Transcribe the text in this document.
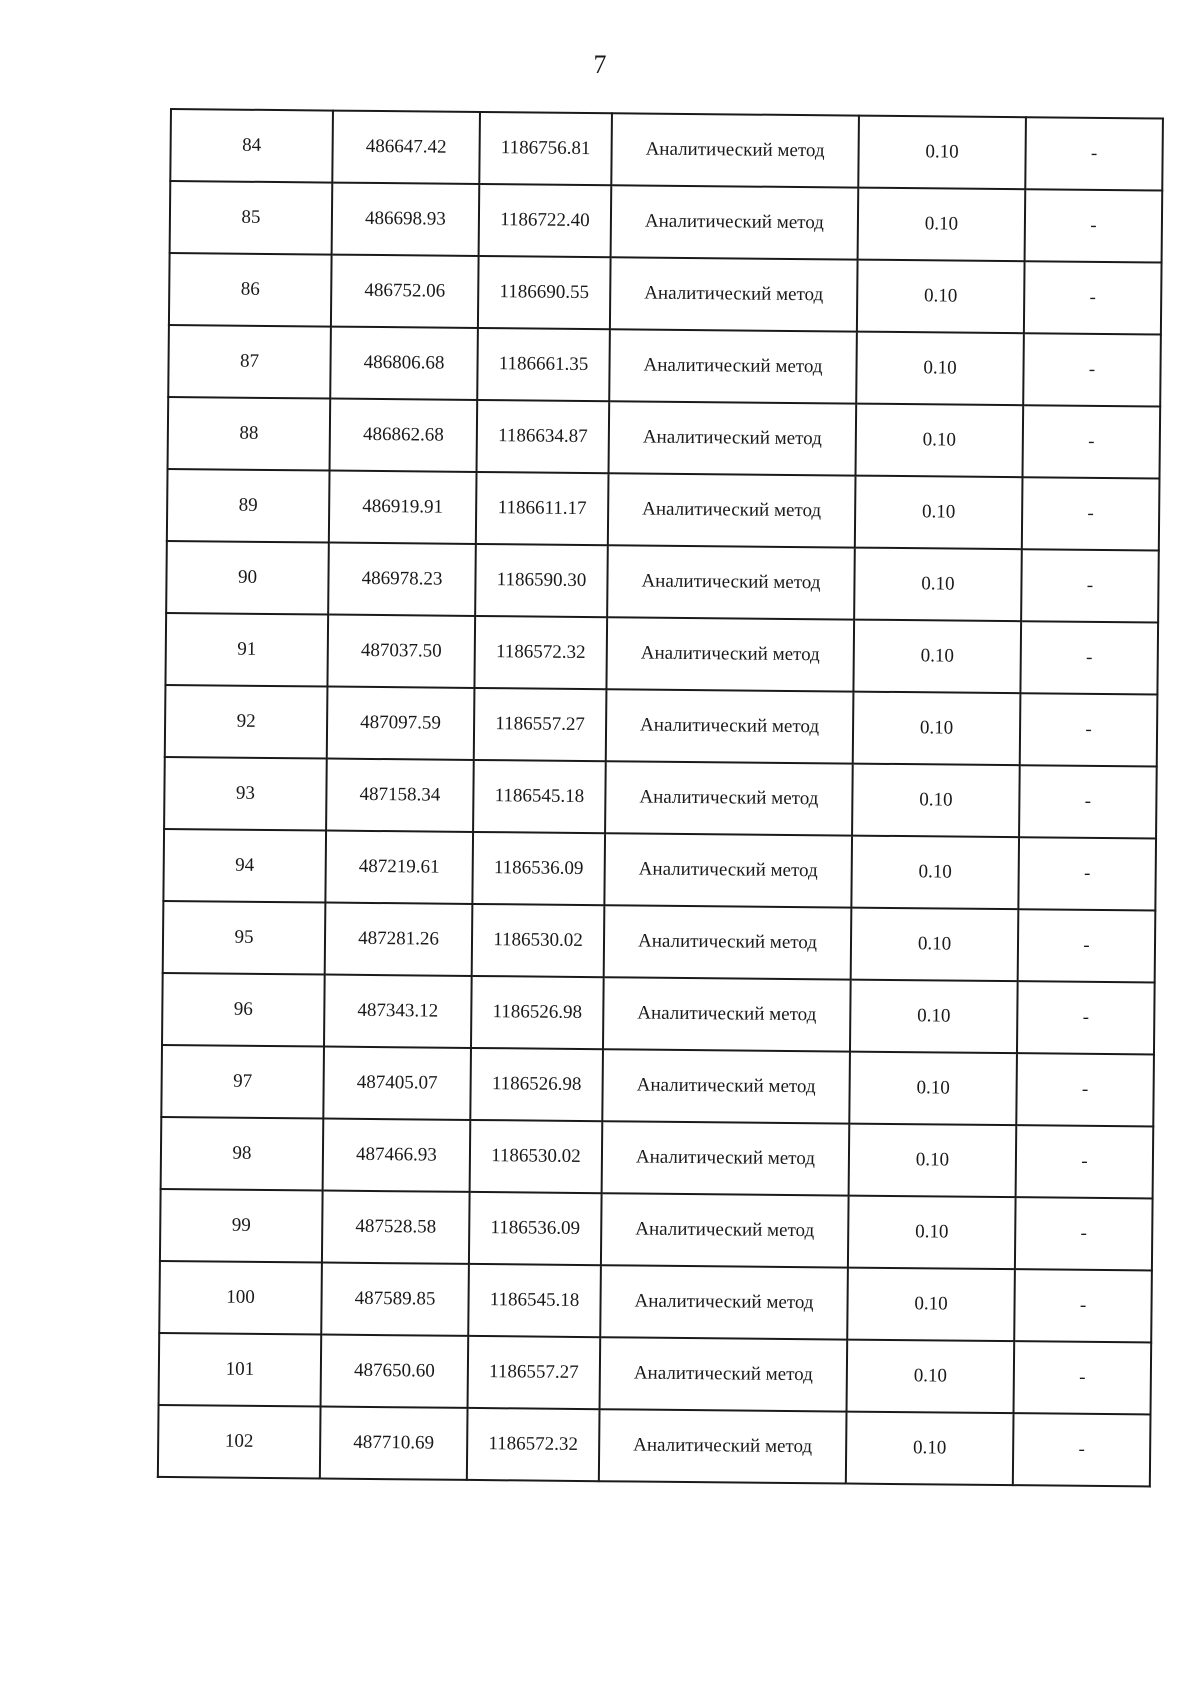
7
84	486647.42	1186756.81	Аналитический метод	0.10	-
85	486698.93	1186722.40	Аналитический метод	0.10	-
86	486752.06	1186690.55	Аналитический метод	0.10	-
87	486806.68	1186661.35	Аналитический метод	0.10	-
88	486862.68	1186634.87	Аналитический метод	0.10	-
89	486919.91	1186611.17	Аналитический метод	0.10	-
90	486978.23	1186590.30	Аналитический метод	0.10	-
91	487037.50	1186572.32	Аналитический метод	0.10	-
92	487097.59	1186557.27	Аналитический метод	0.10	-
93	487158.34	1186545.18	Аналитический метод	0.10	-
94	487219.61	1186536.09	Аналитический метод	0.10	-
95	487281.26	1186530.02	Аналитический метод	0.10	-
96	487343.12	1186526.98	Аналитический метод	0.10	-
97	487405.07	1186526.98	Аналитический метод	0.10	-
98	487466.93	1186530.02	Аналитический метод	0.10	-
99	487528.58	1186536.09	Аналитический метод	0.10	-
100	487589.85	1186545.18	Аналитический метод	0.10	-
101	487650.60	1186557.27	Аналитический метод	0.10	-
102	487710.69	1186572.32	Аналитический метод	0.10	-
